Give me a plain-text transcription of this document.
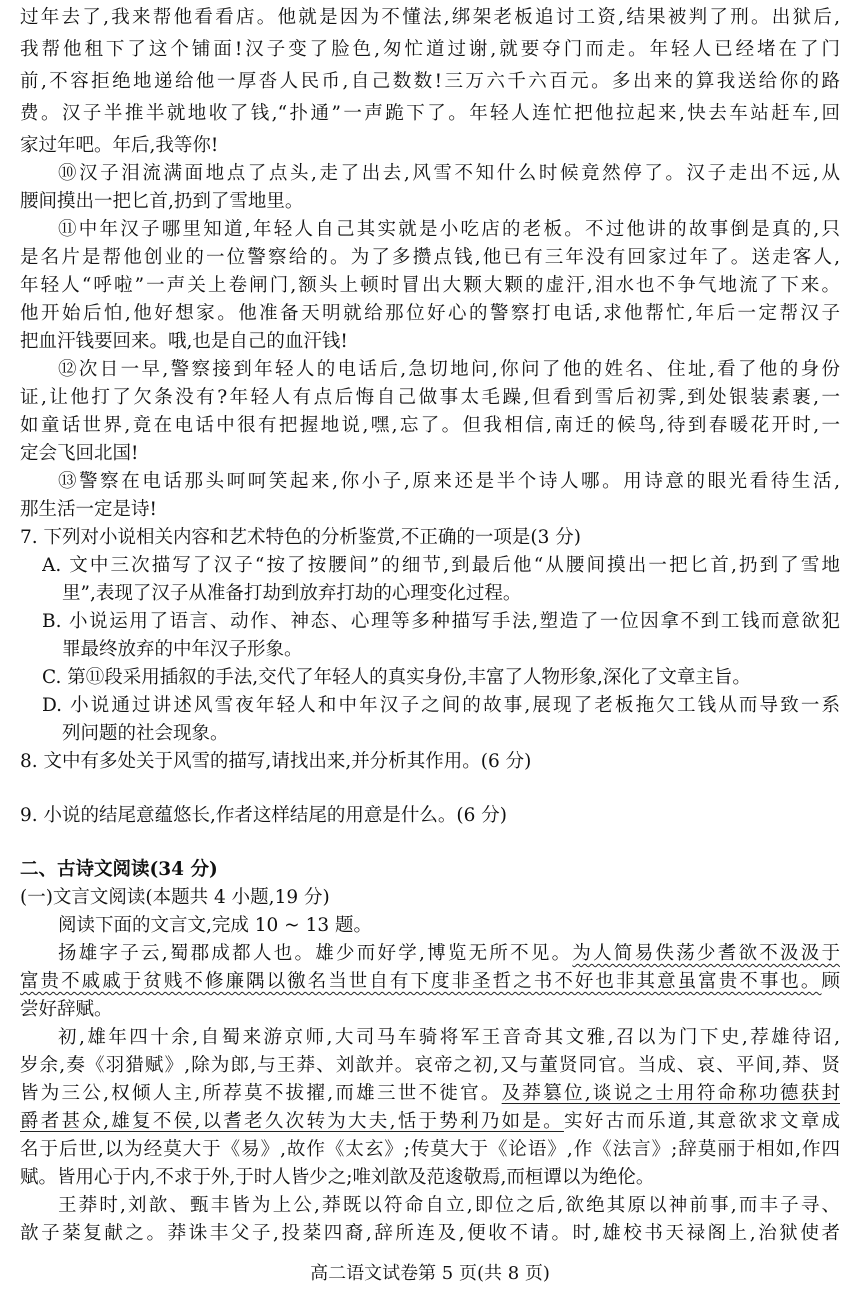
过年去了,我来帮他看看店。他就是因为不懂法,绑架老板追讨工资,结果被判了刑。出狱后,
我帮他租下了这个铺面!汉子变了脸色,匆忙道过谢,就要夺门而走。年轻人已经堵在了门
前,不容拒绝地递给他一厚沓人民币,自己数数!三万六千六百元。多出来的算我送给你的路
费。汉子半推半就地收了钱,“扑通”一声跪下了。年轻人连忙把他拉起来,快去车站赶车,回
家过年吧。年后,我等你!
⑩汉子泪流满面地点了点头,走了出去,风雪不知什么时候竟然停了。汉子走出不远,从
腰间摸出一把匕首,扔到了雪地里。
⑪中年汉子哪里知道,年轻人自己其实就是小吃店的老板。不过他讲的故事倒是真的,只
是名片是帮他创业的一位警察给的。为了多攒点钱,他已有三年没有回家过年了。送走客人,
年轻人“呼啦”一声关上卷闸门,额头上顿时冒出大颗大颗的虚汗,泪水也不争气地流了下来。
他开始后怕,他好想家。他准备天明就给那位好心的警察打电话,求他帮忙,年后一定帮汉子
把血汗钱要回来。哦,也是自己的血汗钱!
⑫次日一早,警察接到年轻人的电话后,急切地问,你问了他的姓名、住址,看了他的身份
证,让他打了欠条没有?年轻人有点后悔自己做事太毛躁,但看到雪后初霁,到处银装素裹,一
如童话世界,竟在电话中很有把握地说,嘿,忘了。但我相信,南迁的候鸟,待到春暖花开时,一
定会飞回北国!
⑬警察在电话那头呵呵笑起来,你小子,原来还是半个诗人哪。用诗意的眼光看待生活,
那生活一定是诗!
7. 下列对小说相关内容和艺术特色的分析鉴赏,不正确的一项是(3 分)
A. 文中三次描写了汉子“按了按腰间”的细节,到最后他“从腰间摸出一把匕首,扔到了雪地
里”,表现了汉子从准备打劫到放弃打劫的心理变化过程。
B. 小说运用了语言、动作、神态、心理等多种描写手法,塑造了一位因拿不到工钱而意欲犯
罪最终放弃的中年汉子形象。
C. 第⑪段采用插叙的手法,交代了年轻人的真实身份,丰富了人物形象,深化了文章主旨。
D. 小说通过讲述风雪夜年轻人和中年汉子之间的故事,展现了老板拖欠工钱从而导致一系
列问题的社会现象。
8. 文中有多处关于风雪的描写,请找出来,并分析其作用。(6 分)
9. 小说的结尾意蕴悠长,作者这样结尾的用意是什么。(6 分)
二、古诗文阅读(34 分)
(一)文言文阅读(本题共 4 小题,19 分)
阅读下面的文言文,完成 10 ~ 13 题。
扬雄字子云,蜀郡成都人也。雄少而好学,博览无所不见。为人简易佚荡少耆欲不汲汲于
富贵不戚戚于贫贱不修廉隅以徼名当世自有下度非圣哲之书不好也非其意虽富贵不事也。顾
尝好辞赋。
初,雄年四十余,自蜀来游京师,大司马车骑将军王音奇其文雅,召以为门下史,荐雄待诏,
岁余,奏《羽猎赋》,除为郎,与王莽、刘歆并。哀帝之初,又与董贤同官。当成、哀、平间,莽、贤
皆为三公,权倾人主,所荐莫不拔擢,而雄三世不徙官。及莽篡位,谈说之士用符命称功德获封
爵者甚众,雄复不侯,以耆老久次转为大夫,恬于势利乃如是。实好古而乐道,其意欲求文章成
名于后世,以为经莫大于《易》,故作《太玄》;传莫大于《论语》,作《法言》;辞莫丽于相如,作四
赋。皆用心于内,不求于外,于时人皆少之;唯刘歆及范逡敬焉,而桓谭以为绝伦。
王莽时,刘歆、甄丰皆为上公,莽既以符命自立,即位之后,欲绝其原以神前事,而丰子寻、
歆子棻复献之。莽诛丰父子,投棻四裔,辞所连及,便收不请。时,雄校书天禄阁上,治狱使者
高二语文试卷第 5 页(共 8 页)
